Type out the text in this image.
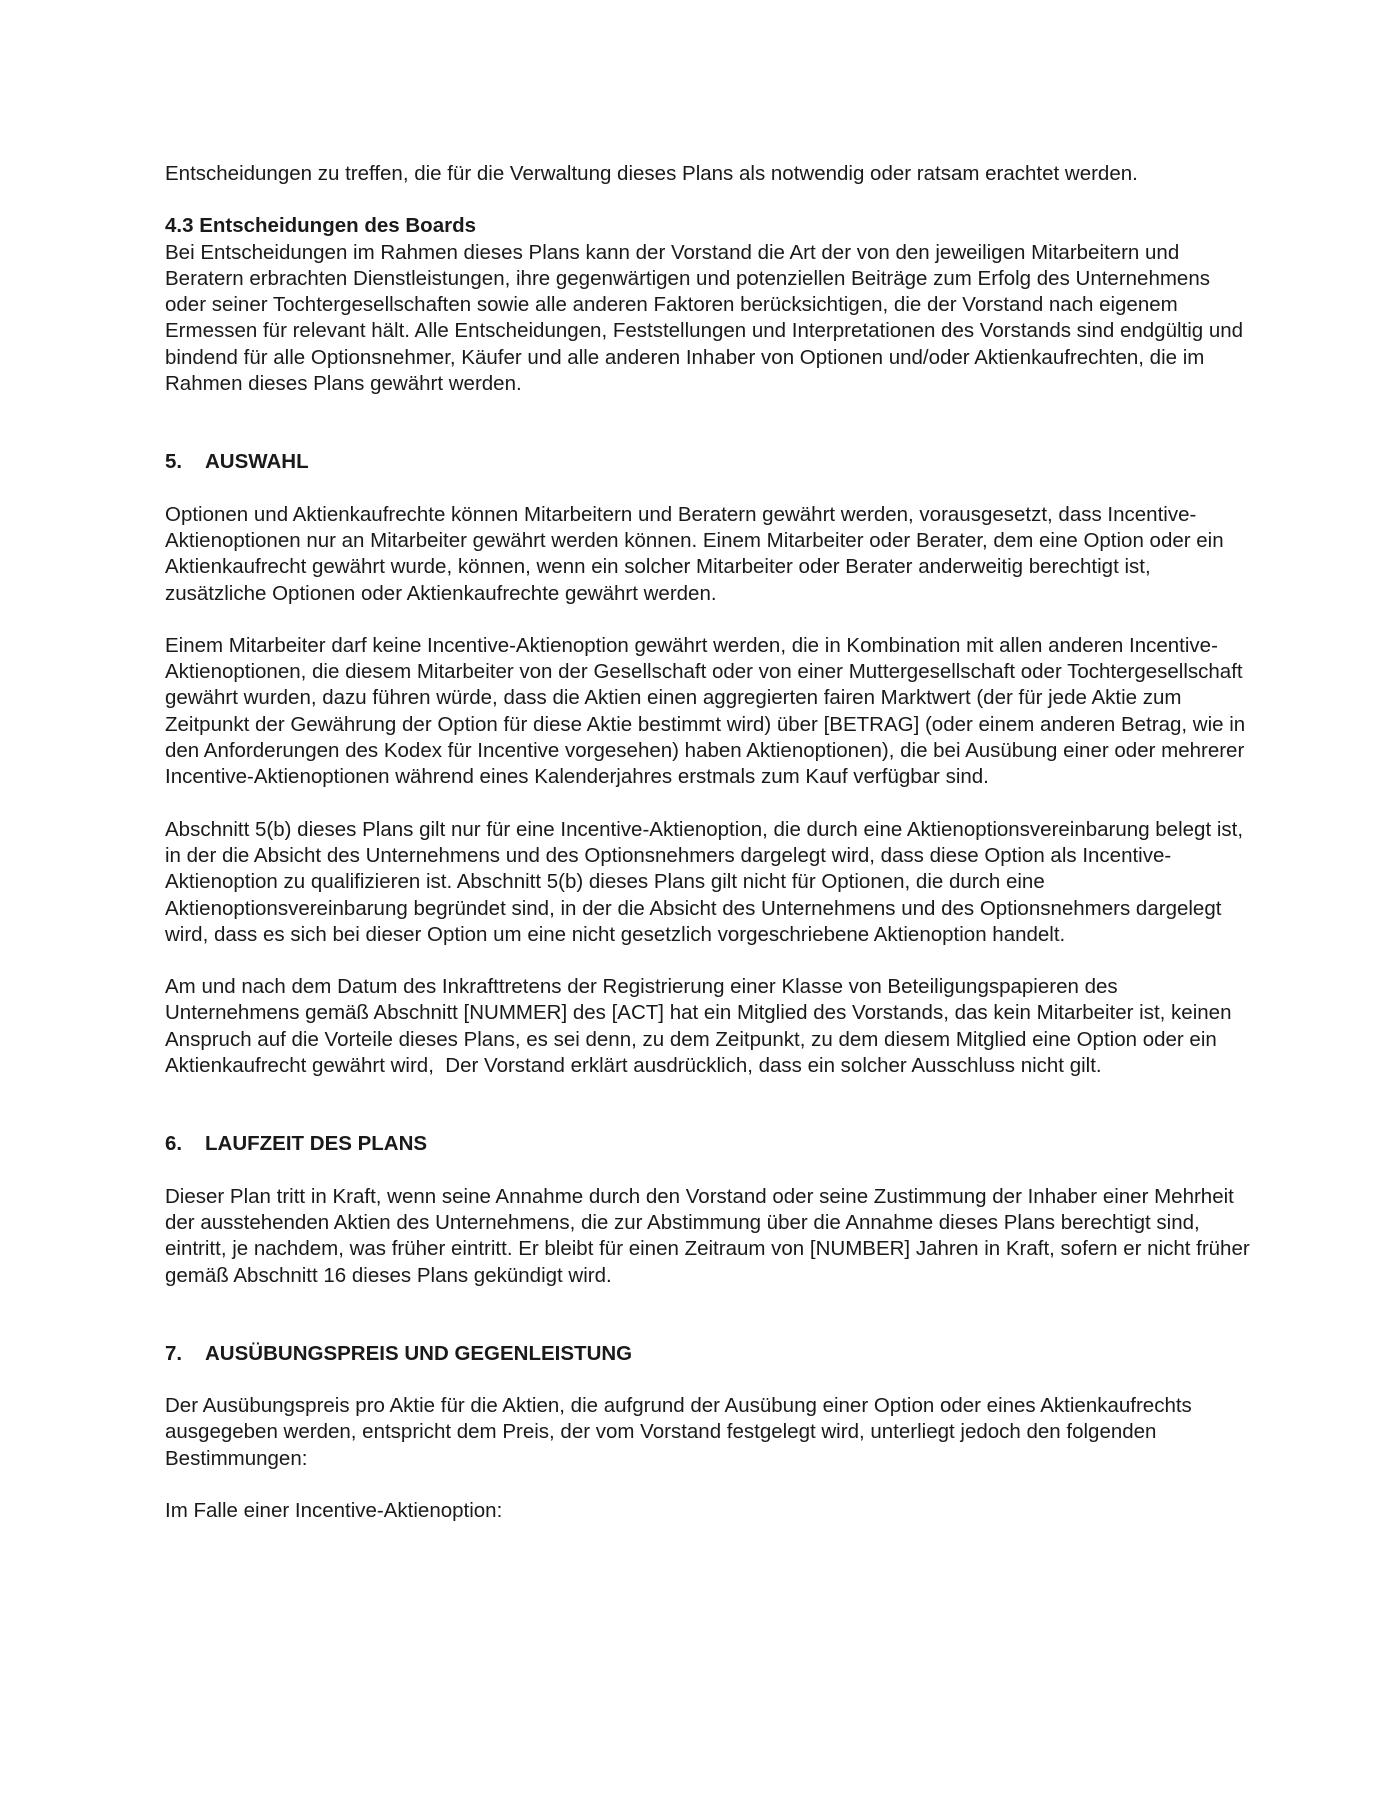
Entscheidungen zu treffen, die für die Verwaltung dieses Plans als notwendig oder ratsam erachtet werden.

4.3 Entscheidungen des Boards

Bei Entscheidungen im Rahmen dieses Plans kann der Vorstand die Art der von den jeweiligen Mitarbeitern und Beratern erbrachten Dienstleistungen, ihre gegenwärtigen und potenziellen Beiträge zum Erfolg des Unternehmens oder seiner Tochtergesellschaften sowie alle anderen Faktoren berücksichtigen, die der Vorstand nach eigenem Ermessen für relevant hält. Alle Entscheidungen, Feststellungen und Interpretationen des Vorstands sind endgültig und bindend für alle Optionsnehmer, Käufer und alle anderen Inhaber von Optionen und/oder Aktienkaufrechten, die im Rahmen dieses Plans gewährt werden.

5. AUSWAHL

Optionen und Aktienkaufrechte können Mitarbeitern und Beratern gewährt werden, vorausgesetzt, dass Incentive-Aktienoptionen nur an Mitarbeiter gewährt werden können. Einem Mitarbeiter oder Berater, dem eine Option oder ein Aktienkaufrecht gewährt wurde, können, wenn ein solcher Mitarbeiter oder Berater anderweitig berechtigt ist, zusätzliche Optionen oder Aktienkaufrechte gewährt werden.

Einem Mitarbeiter darf keine Incentive-Aktienoption gewährt werden, die in Kombination mit allen anderen Incentive-Aktienoptionen, die diesem Mitarbeiter von der Gesellschaft oder von einer Muttergesellschaft oder Tochtergesellschaft gewährt wurden, dazu führen würde, dass die Aktien einen aggregierten fairen Marktwert (der für jede Aktie zum Zeitpunkt der Gewährung der Option für diese Aktie bestimmt wird) über [BETRAG] (oder einem anderen Betrag, wie in den Anforderungen des Kodex für Incentive vorgesehen) haben Aktienoptionen), die bei Ausübung einer oder mehrerer Incentive-Aktienoptionen während eines Kalenderjahres erstmals zum Kauf verfügbar sind.

Abschnitt 5(b) dieses Plans gilt nur für eine Incentive-Aktienoption, die durch eine Aktienoptionsvereinbarung belegt ist, in der die Absicht des Unternehmens und des Optionsnehmers dargelegt wird, dass diese Option als Incentive-Aktienoption zu qualifizieren ist. Abschnitt 5(b) dieses Plans gilt nicht für Optionen, die durch eine Aktienoptionsvereinbarung begründet sind, in der die Absicht des Unternehmens und des Optionsnehmers dargelegt wird, dass es sich bei dieser Option um eine nicht gesetzlich vorgeschriebene Aktienoption handelt.

Am und nach dem Datum des Inkrafttretens der Registrierung einer Klasse von Beteiligungspapieren des Unternehmens gemäß Abschnitt [NUMMER] des [ACT] hat ein Mitglied des Vorstands, das kein Mitarbeiter ist, keinen Anspruch auf die Vorteile dieses Plans, es sei denn, zu dem Zeitpunkt, zu dem diesem Mitglied eine Option oder ein Aktienkaufrecht gewährt wird,  Der Vorstand erklärt ausdrücklich, dass ein solcher Ausschluss nicht gilt.

6. LAUFZEIT DES PLANS

Dieser Plan tritt in Kraft, wenn seine Annahme durch den Vorstand oder seine Zustimmung der Inhaber einer Mehrheit der ausstehenden Aktien des Unternehmens, die zur Abstimmung über die Annahme dieses Plans berechtigt sind, eintritt, je nachdem, was früher eintritt. Er bleibt für einen Zeitraum von [NUMBER] Jahren in Kraft, sofern er nicht früher gemäß Abschnitt 16 dieses Plans gekündigt wird.

7. AUSÜBUNGSPREIS UND GEGENLEISTUNG

Der Ausübungspreis pro Aktie für die Aktien, die aufgrund der Ausübung einer Option oder eines Aktienkaufrechts ausgegeben werden, entspricht dem Preis, der vom Vorstand festgelegt wird, unterliegt jedoch den folgenden Bestimmungen:

Im Falle einer Incentive-Aktienoption:
